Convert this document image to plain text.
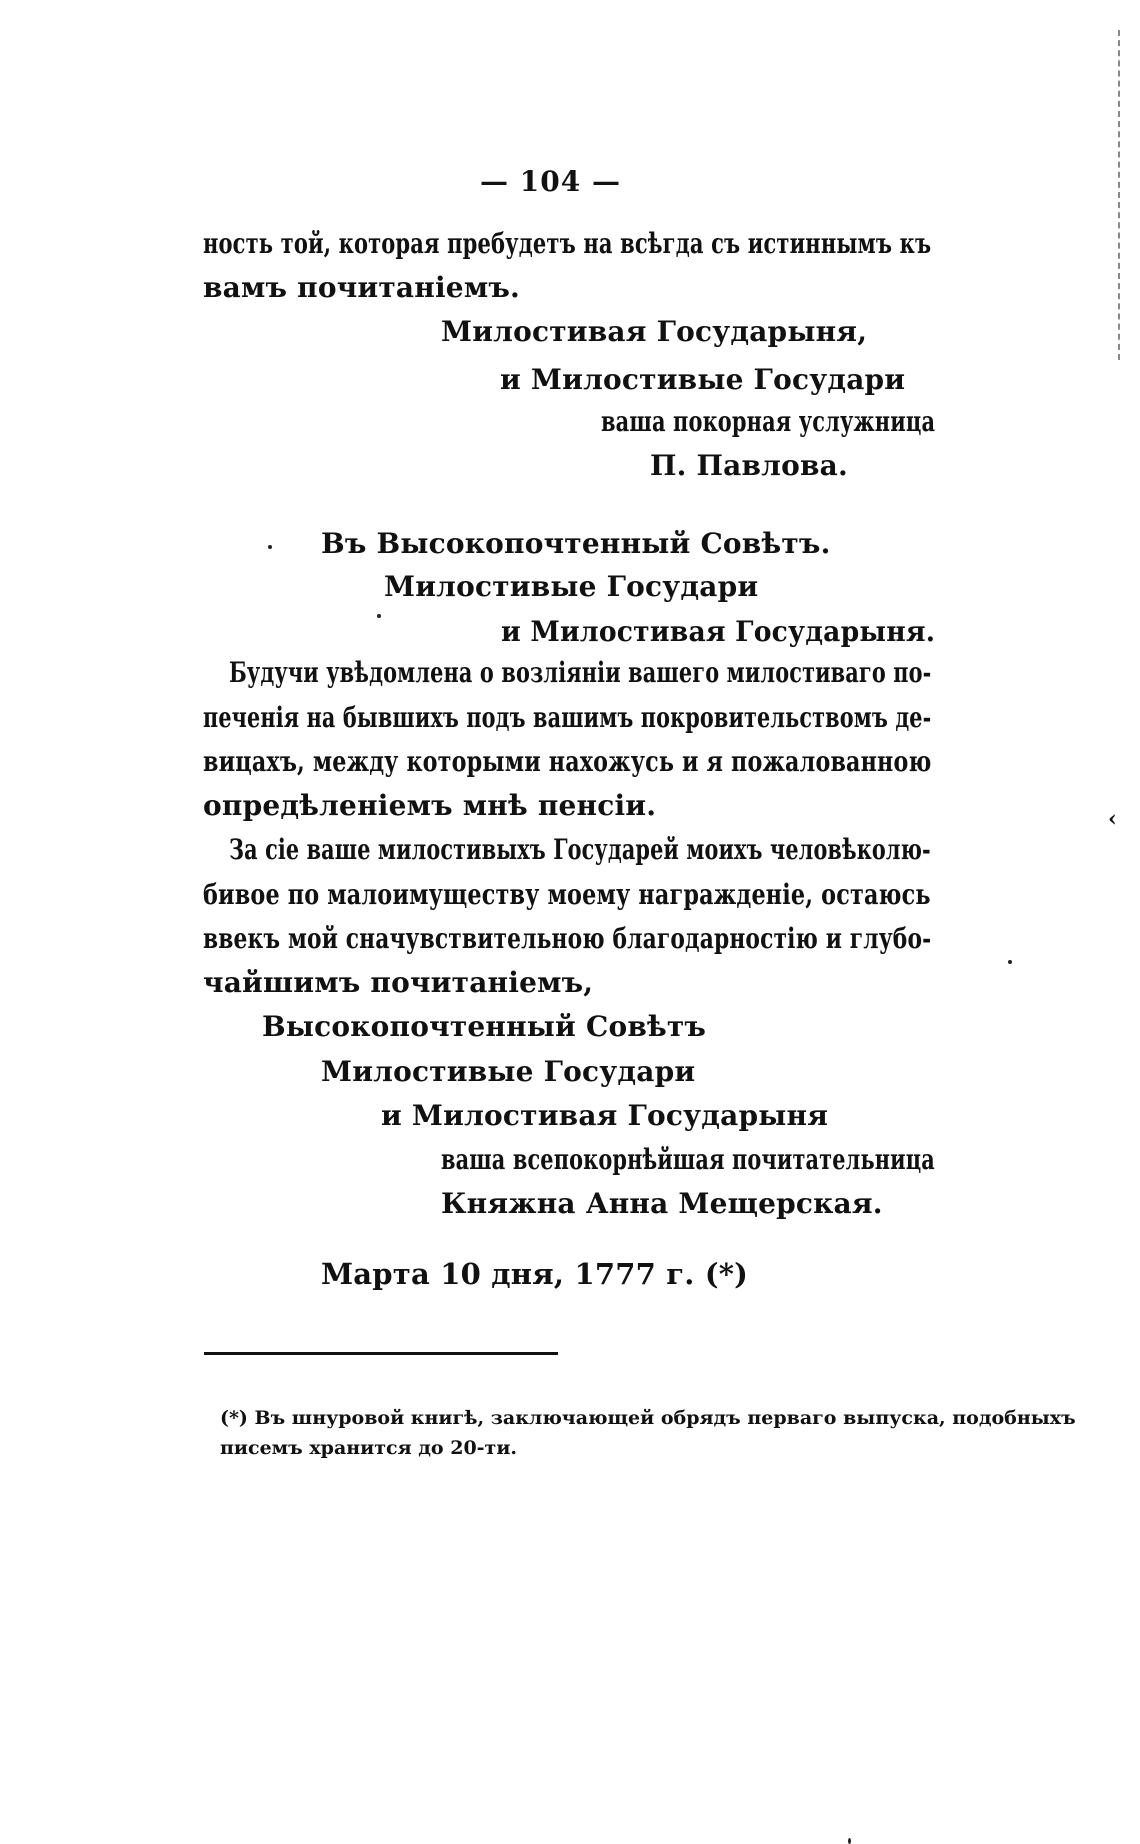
‹
— 104 —
ность той, которая пребудетъ на всѣгда съ истиннымъ къ
вамъ почитаніемъ.
Милостивая Государыня,
и Милостивые Государи
ваша покорная услужница
П. Павлова.
Въ Высокопочтенный Совѣтъ.
Милостивые Государи
и Милостивая Государыня.
Будучи увѣдомлена о возліяніи вашего милостиваго по-
печенія на бывшихъ подъ вашимъ покровительствомъ де-
вицахъ, между которыми нахожусь и я пожалованною
опредѣленіемъ мнѣ пенсіи.
За сіе ваше милостивыхъ Государей моихъ человѣколю-
бивое по малоимуществу моему награжденіе, остаюсь
ввекъ мой сначувствительною благодарностію и глубо-
чайшимъ почитаніемъ,
Высокопочтенный Совѣтъ
Милостивые Государи
и Милостивая Государыня
ваша всепокорнѣйшая почитательница
Княжна Анна Мещерская.
Марта 10 дня, 1777 г. (*)
(*) Въ шнуровой книгѣ, заключающей обрядъ перваго выпуска, подобныхъ
писемъ хранится до 20-ти.
